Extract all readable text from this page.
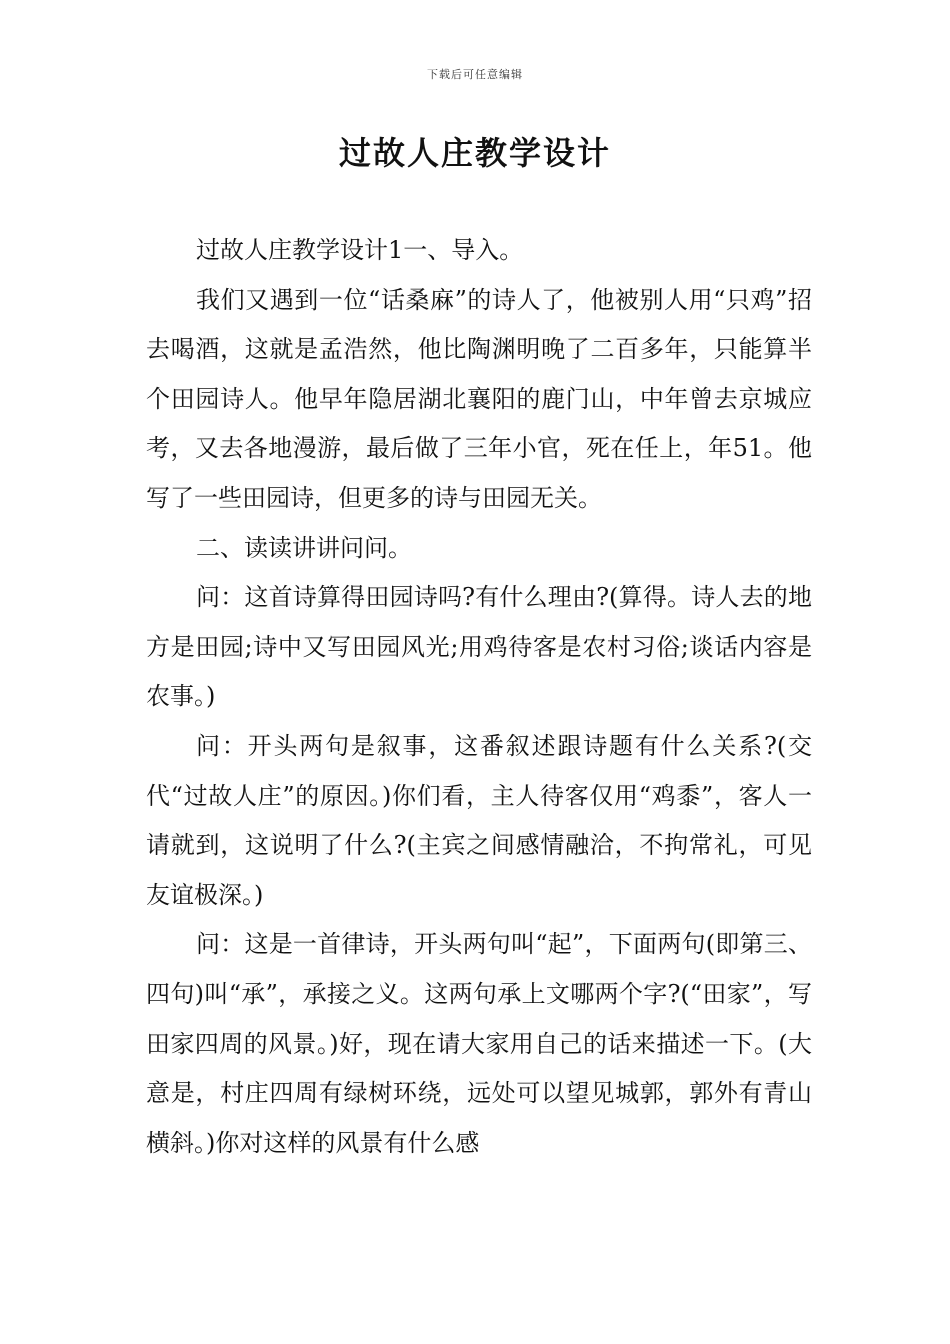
下载后可任意编辑
过故人庄教学设计

过故人庄教学设计1一、导入。

我们又遇到一位“话桑麻”的诗人了，他被别人用“只鸡”招去喝酒，这就是孟浩然，他比陶渊明晚了二百多年，只能算半个田园诗人。他早年隐居湖北襄阳的鹿门山，中年曾去京城应考，又去各地漫游，最后做了三年小官，死在任上，年51。他写了一些田园诗，但更多的诗与田园无关。

二、读读讲讲问问。

问：这首诗算得田园诗吗?有什么理由?(算得。诗人去的地方是田园;诗中又写田园风光;用鸡待客是农村习俗;谈话内容是农事。)

问：开头两句是叙事，这番叙述跟诗题有什么关系?(交代“过故人庄”的原因。)你们看，主人待客仅用“鸡黍”，客人一请就到，这说明了什么?(主宾之间感情融洽，不拘常礼，可见友谊极深。)

问：这是一首律诗，开头两句叫“起”，下面两句(即第三、四句)叫“承”，承接之义。这两句承上文哪两个字?(“田家”，写田家四周的风景。)好，现在请大家用自己的话来描述一下。(大意是，村庄四周有绿树环绕，远处可以望见城郭，郭外有青山横斜。)你对这样的风景有什么感
